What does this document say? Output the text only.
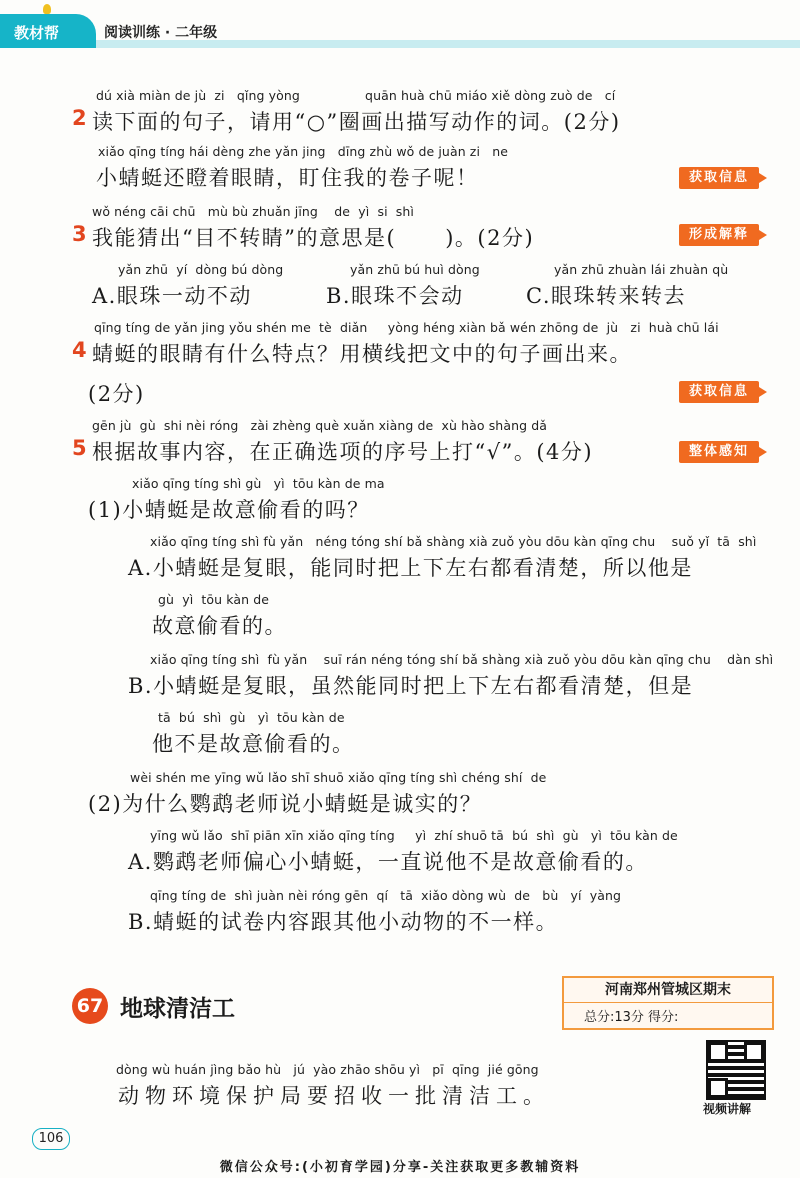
教材帮	阅读训练 · 二年级
dú xià miàn de jù  zi   qǐng yòng                quān huà chū miáo xiě dòng zuò de   cí
2 读下面的句子，请用“○”圈画出描写动作的词。(2分)
xiǎo qīng tíng hái dèng zhe yǎn jing   dīng zhù wǒ de juàn zi   ne
小蜻蜓还瞪着眼睛，盯住我的卷子呢！	获取信息
wǒ néng cāi chū   mù bù zhuǎn jīng    de  yì  si  shì
3 我能猜出“目不转睛”的意思是(      )。(2分)	形成解释
yǎn zhū  yí  dòng bú dòng
A.眼珠一动不动
yǎn zhū bú huì dòng
B.眼珠不会动
yǎn zhū zhuàn lái zhuàn qù
C.眼珠转来转去
qīng tíng de yǎn jing yǒu shén me  tè  diǎn     yòng héng xiàn bǎ wén zhōng de  jù   zi  huà chū lái
4 蜻蜓的眼睛有什么特点？用横线把文中的句子画出来。
(2分)	获取信息
gēn jù  gù  shi nèi róng   zài zhèng què xuǎn xiàng de  xù hào shàng dǎ
5 根据故事内容，在正确选项的序号上打“√”。(4分)	整体感知
xiǎo qīng tíng shì gù   yì  tōu kàn de ma
(1)小蜻蜓是故意偷看的吗？
xiǎo qīng tíng shì fù yǎn   néng tóng shí bǎ shàng xià zuǒ yòu dōu kàn qīng chu    suǒ yǐ  tā  shì
A.小蜻蜓是复眼，能同时把上下左右都看清楚，所以他是
gù  yì  tōu kàn de
故意偷看的。
xiǎo qīng tíng shì  fù yǎn    suī rán néng tóng shí bǎ shàng xià zuǒ yòu dōu kàn qīng chu    dàn shì
B.小蜻蜓是复眼，虽然能同时把上下左右都看清楚，但是
tā  bú  shì  gù   yì  tōu kàn de
他不是故意偷看的。
wèi shén me yīng wǔ lǎo shī shuō xiǎo qīng tíng shì chéng shí  de
(2)为什么鹦鹉老师说小蜻蜓是诚实的？
yīng wǔ lǎo  shī piān xīn xiǎo qīng tíng     yì  zhí shuō tā  bú  shì  gù   yì  tōu kàn de
A.鹦鹉老师偏心小蜻蜓，一直说他不是故意偷看的。
qīng tíng de  shì juàn nèi róng gēn  qí   tā  xiǎo dòng wù  de   bù   yí  yàng
B.蜻蜓的试卷内容跟其他小动物的不一样。
67 地球清洁工
河南郑州管城区期末
总分:13分 得分:
dòng wù huán jìng bǎo hù   jú  yào zhāo shōu yì   pī  qīng  jié gōng
动物环境保护局要招收一批清洁工。
视频讲解
106
微信公众号:(小初育学园)分享-关注获取更多教辅资料
